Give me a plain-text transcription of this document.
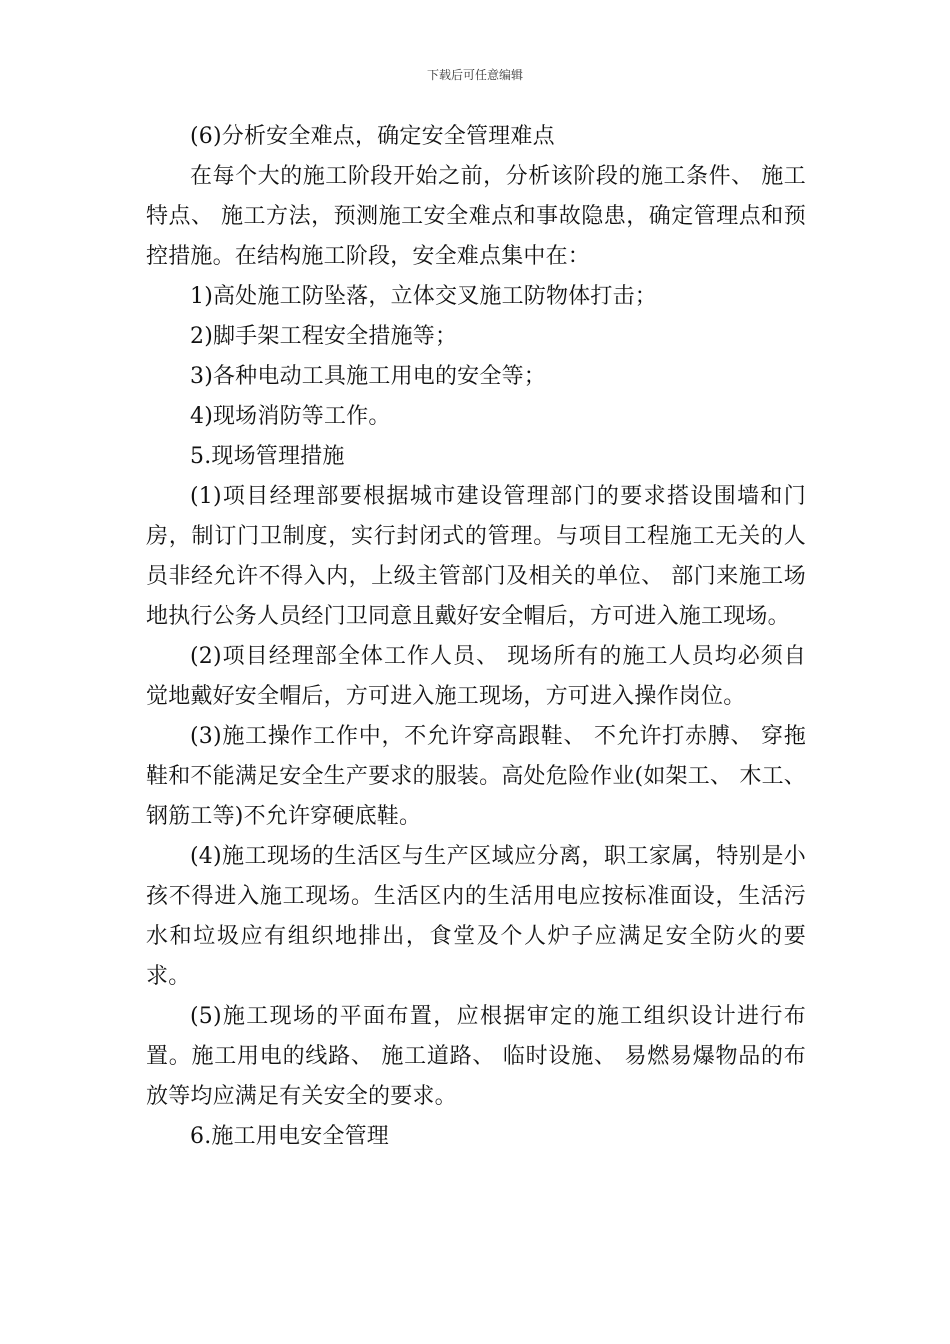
下载后可任意编辑

(6)分析安全难点，确定安全管理难点

在每个大的施工阶段开始之前，分析该阶段的施工条件、 施工特点、 施工方法，预测施工安全难点和事故隐患，确定管理点和预控措施。在结构施工阶段，安全难点集中在：

1)高处施工防坠落，立体交叉施工防物体打击；

2)脚手架工程安全措施等；

3)各种电动工具施工用电的安全等；

4)现场消防等工作。

5.现场管理措施

(1)项目经理部要根据城市建设管理部门的要求搭设围墙和门房，制订门卫制度，实行封闭式的管理。与项目工程施工无关的人员非经允许不得入内，上级主管部门及相关的单位、 部门来施工场地执行公务人员经门卫同意且戴好安全帽后，方可进入施工现场。

(2)项目经理部全体工作人员、 现场所有的施工人员均必须自觉地戴好安全帽后，方可进入施工现场，方可进入操作岗位。

(3)施工操作工作中，不允许穿高跟鞋、 不允许打赤膊、 穿拖鞋和不能满足安全生产要求的服装。高处危险作业(如架工、 木工、 钢筋工等)不允许穿硬底鞋。

(4)施工现场的生活区与生产区域应分离，职工家属，特别是小孩不得进入施工现场。生活区内的生活用电应按标准面设，生活污水和垃圾应有组织地排出，食堂及个人炉子应满足安全防火的要求。

(5)施工现场的平面布置，应根据审定的施工组织设计进行布置。施工用电的线路、 施工道路、 临时设施、 易燃易爆物品的布放等均应满足有关安全的要求。

6.施工用电安全管理
